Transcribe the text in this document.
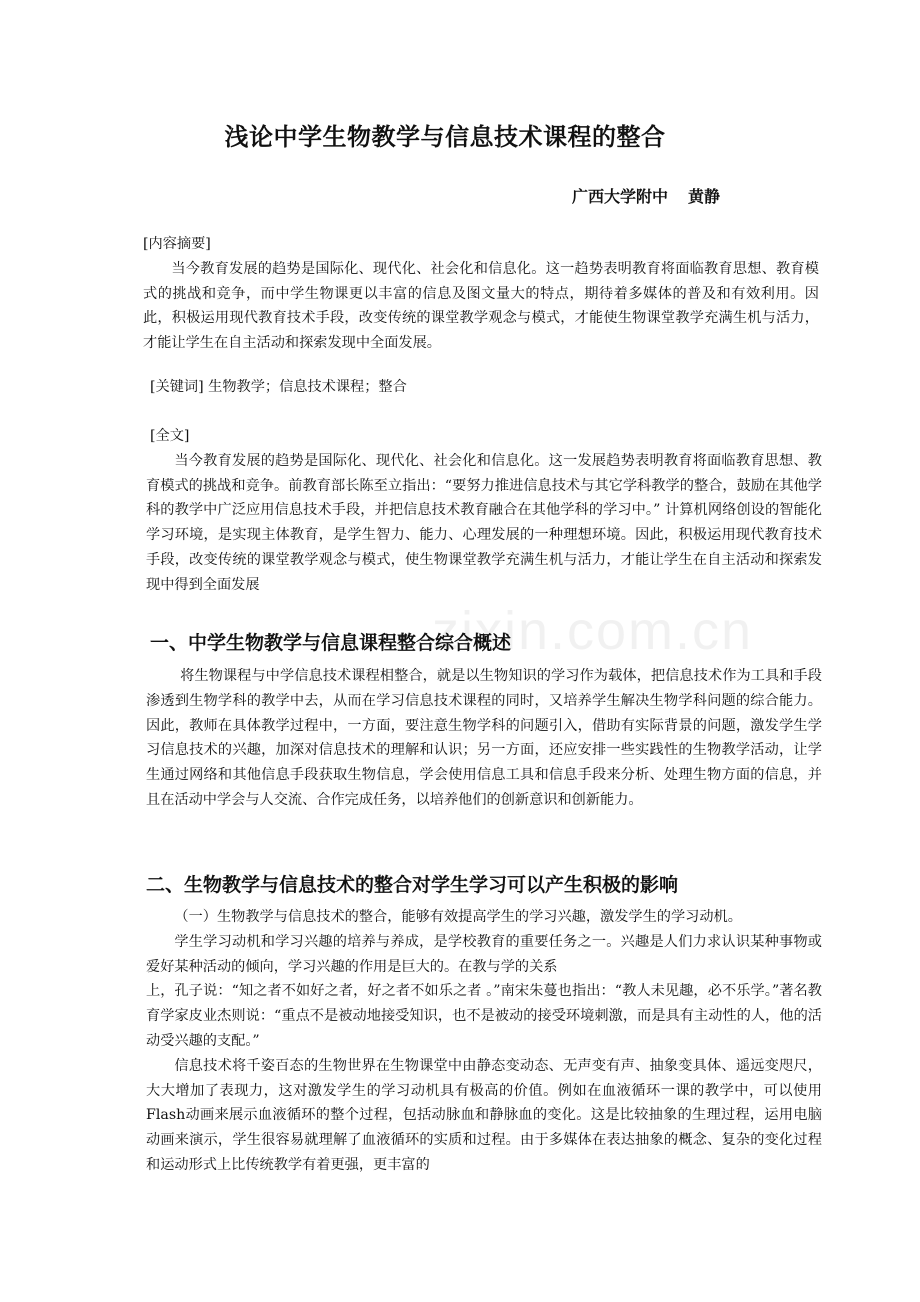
zixin.com.cn
浅论中学生物教学与信息技术课程的整合
广西大学附中 黄静
[内容摘要]

当今教育发展的趋势是国际化、现代化、社会化和信息化。这一趋势表明教育将面临教育思想、教育模式的挑战和竞争，而中学生物课更以丰富的信息及图文量大的特点，期待着多媒体的普及和有效利用。因此，积极运用现代教育技术手段，改变传统的课堂教学观念与模式，才能使生物课堂教学充满生机与活力，才能让学生在自主活动和探索发现中全面发展。

[关键词] 生物教学；信息技术课程；整合
[全文]

当今教育发展的趋势是国际化、现代化、社会化和信息化。这一发展趋势表明教育将面临教育思想、教育模式的挑战和竞争。前教育部长陈至立指出：“要努力推进信息技术与其它学科教学的整合，鼓励在其他学科的教学中广泛应用信息技术手段，并把信息技术教育融合在其他学科的学习中。” 计算机网络创设的智能化学习环境，是实现主体教育，是学生智力、能力、心理发展的一种理想环境。因此，积极运用现代教育技术手段，改变传统的课堂教学观念与模式，使生物课堂教学充满生机与活力，才能让学生在自主活动和探索发现中得到全面发展

一、中学生物教学与信息课程整合综合概述

将生物课程与中学信息技术课程相整合，就是以生物知识的学习作为载体，把信息技术作为工具和手段渗透到生物学科的教学中去，从而在学习信息技术课程的同时，又培养学生解决生物学科问题的综合能力。因此，教师在具体教学过程中，一方面，要注意生物学科的问题引入，借助有实际背景的问题，激发学生学习信息技术的兴趣，加深对信息技术的理解和认识；另一方面，还应安排一些实践性的生物教学活动，让学生通过网络和其他信息手段获取生物信息，学会使用信息工具和信息手段来分析、处理生物方面的信息，并且在活动中学会与人交流、合作完成任务，以培养他们的创新意识和创新能力。

二、生物教学与信息技术的整合对学生学习可以产生积极的影响

（一）生物教学与信息技术的整合，能够有效提高学生的学习兴趣，激发学生的学习动机。

学生学习动机和学习兴趣的培养与养成，是学校教育的重要任务之一。兴趣是人们力求认识某种事物或爱好某种活动的倾向，学习兴趣的作用是巨大的。在教与学的关系

上，孔子说：“知之者不如好之者，好之者不如乐之者 。”南宋朱蔓也指出：“教人未见趣，必不乐学。”著名教育学家皮业杰则说：“重点不是被动地接受知识，也不是被动的接受环境刺激，而是具有主动性的人，他的活动受兴趣的支配。”

信息技术将千姿百态的生物世界在生物课堂中由静态变动态、无声变有声、抽象变具体、遥远变咫尺，大大增加了表现力，这对激发学生的学习动机具有极高的价值。例如在血液循环一课的教学中，可以使用Flash动画来展示血液循环的整个过程，包括动脉血和静脉血的变化。这是比较抽象的生理过程，运用电脑动画来演示，学生很容易就理解了血液循环的实质和过程。由于多媒体在表达抽象的概念、复杂的变化过程和运动形式上比传统教学有着更强，更丰富的
